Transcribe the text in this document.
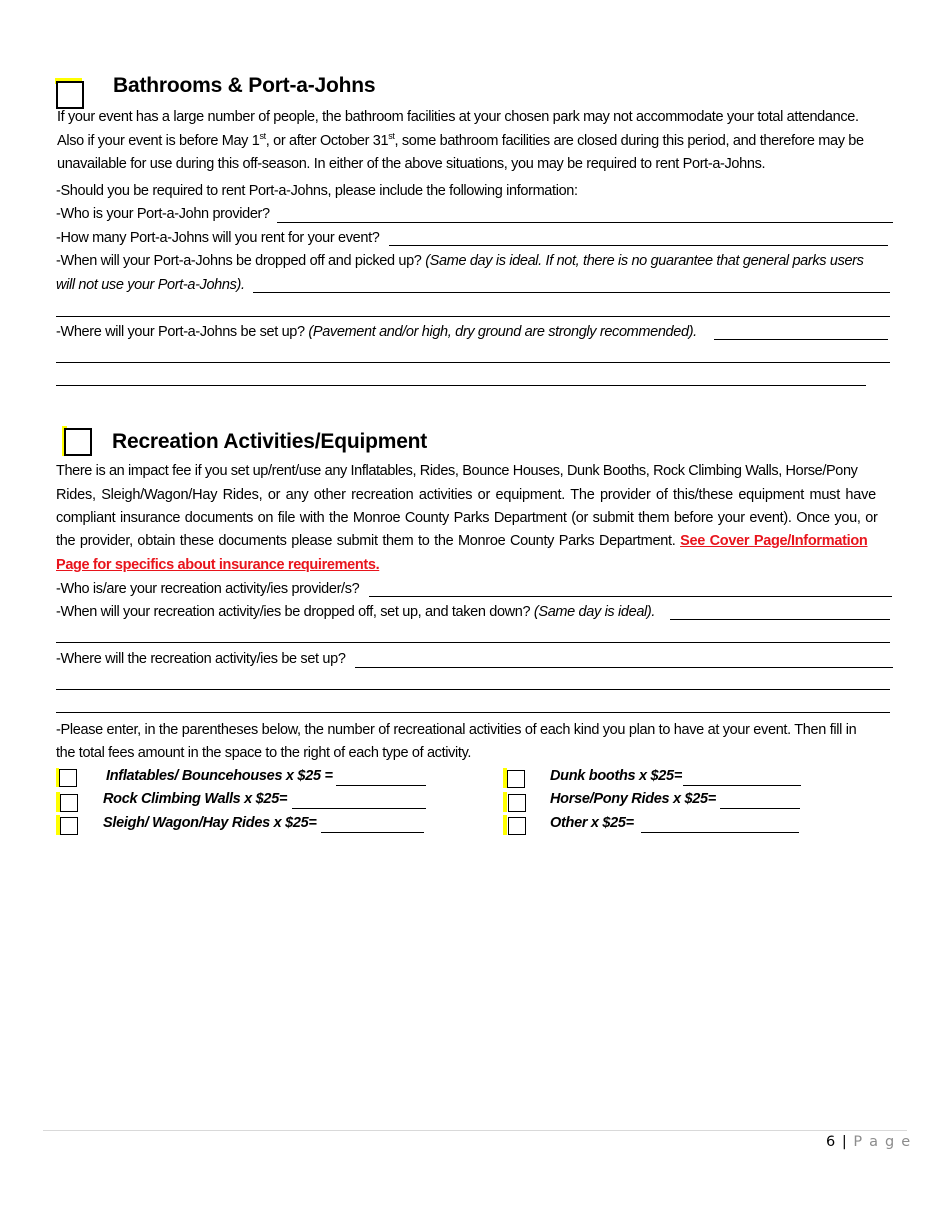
Bathrooms & Port-a-Johns
If your event has a large number of people, the bathroom facilities at your chosen park may not accommodate your total attendance.
Also if your event is before May 1st, or after October 31st, some bathroom facilities are closed during this period, and therefore may be
unavailable for use during this off-season. In either of the above situations, you may be required to rent Port-a-Johns.
-Should you be required to rent Port-a-Johns, please include the following information:
-Who is your Port-a-John provider?
-How many Port-a-Johns will you rent for your event?
-When will your Port-a-Johns be dropped off and picked up? (Same day is ideal. If not, there is no guarantee that general parks users
will not use your Port-a-Johns).
-Where will your Port-a-Johns be set up? (Pavement and/or high, dry ground are strongly recommended).
Recreation Activities/Equipment
There is an impact fee if you set up/rent/use any Inflatables, Rides, Bounce Houses, Dunk Booths, Rock Climbing Walls, Horse/Pony
Rides, Sleigh/Wagon/Hay Rides, or any other recreation activities or equipment. The provider of this/these equipment must have
compliant insurance documents on file with the Monroe County Parks Department (or submit them before your event). Once you, or
the provider, obtain these documents please submit them to the Monroe County Parks Department. See Cover Page/Information
Page for specifics about insurance requirements.
-Who is/are your recreation activity/ies provider/s?
-When will your recreation activity/ies be dropped off, set up, and taken down? (Same day is ideal).
-Where will the recreation activity/ies be set up?
-Please enter, in the parentheses below, the number of recreational activities of each kind you plan to have at your event. Then fill in
the total fees amount in the space to the right of each type of activity.
Inflatables/ Bouncehouses x $25 =
Rock Climbing Walls x $25=
Sleigh/ Wagon/Hay Rides x $25=
Dunk booths x $25=
Horse/Pony Rides x $25=
Other x $25=
6 | P a g e
